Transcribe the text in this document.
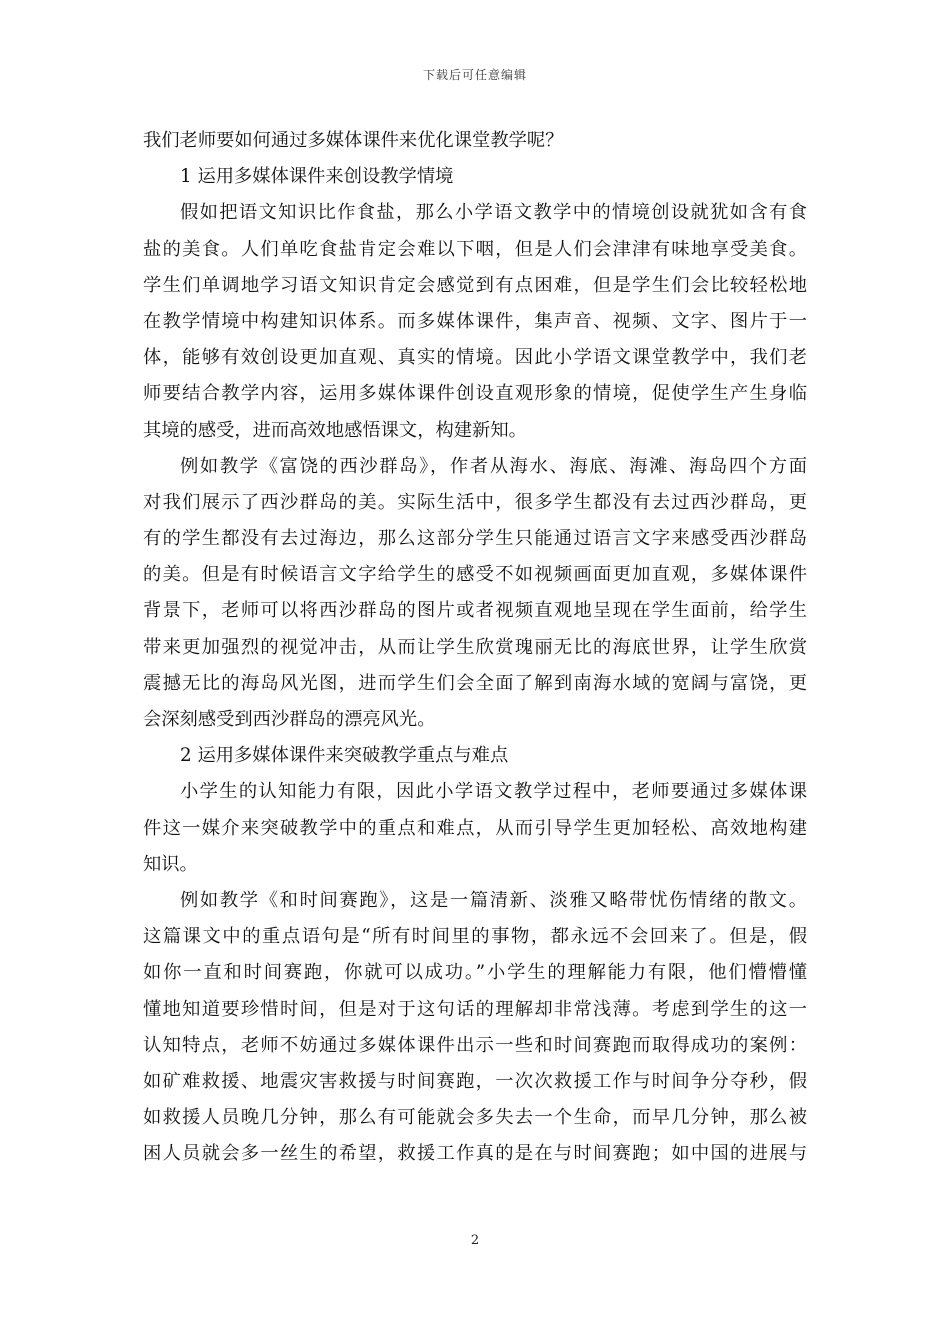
下载后可任意编辑
我们老师要如何通过多媒体课件来优化课堂教学呢？
1 运用多媒体课件来创设教学情境
假如把语文知识比作食盐，那么小学语文教学中的情境创设就犹如含有食
盐的美食。人们单吃食盐肯定会难以下咽，但是人们会津津有味地享受美食。
学生们单调地学习语文知识肯定会感觉到有点困难，但是学生们会比较轻松地
在教学情境中构建知识体系。而多媒体课件，集声音、视频、文字、图片于一
体，能够有效创设更加直观、真实的情境。因此小学语文课堂教学中，我们老
师要结合教学内容，运用多媒体课件创设直观形象的情境，促使学生产生身临
其境的感受，进而高效地感悟课文，构建新知。
例如教学《富饶的西沙群岛》，作者从海水、海底、海滩、海岛四个方面
对我们展示了西沙群岛的美。实际生活中，很多学生都没有去过西沙群岛，更
有的学生都没有去过海边，那么这部分学生只能通过语言文字来感受西沙群岛
的美。但是有时候语言文字给学生的感受不如视频画面更加直观，多媒体课件
背景下，老师可以将西沙群岛的图片或者视频直观地呈现在学生面前，给学生
带来更加强烈的视觉冲击，从而让学生欣赏瑰丽无比的海底世界，让学生欣赏
震撼无比的海岛风光图，进而学生们会全面了解到南海水域的宽阔与富饶，更
会深刻感受到西沙群岛的漂亮风光。
2 运用多媒体课件来突破教学重点与难点
小学生的认知能力有限，因此小学语文教学过程中，老师要通过多媒体课
件这一媒介来突破教学中的重点和难点，从而引导学生更加轻松、高效地构建
知识。
例如教学《和时间赛跑》，这是一篇清新、淡雅又略带忧伤情绪的散文。
这篇课文中的重点语句是“所有时间里的事物，都永远不会回来了。但是，假
如你一直和时间赛跑，你就可以成功。”小学生的理解能力有限，他们懵懵懂
懂地知道要珍惜时间，但是对于这句话的理解却非常浅薄。考虑到学生的这一
认知特点，老师不妨通过多媒体课件出示一些和时间赛跑而取得成功的案例：
如矿难救援、地震灾害救援与时间赛跑，一次次救援工作与时间争分夺秒，假
如救援人员晚几分钟，那么有可能就会多失去一个生命，而早几分钟，那么被
困人员就会多一丝生的希望，救援工作真的是在与时间赛跑；如中国的进展与
2
